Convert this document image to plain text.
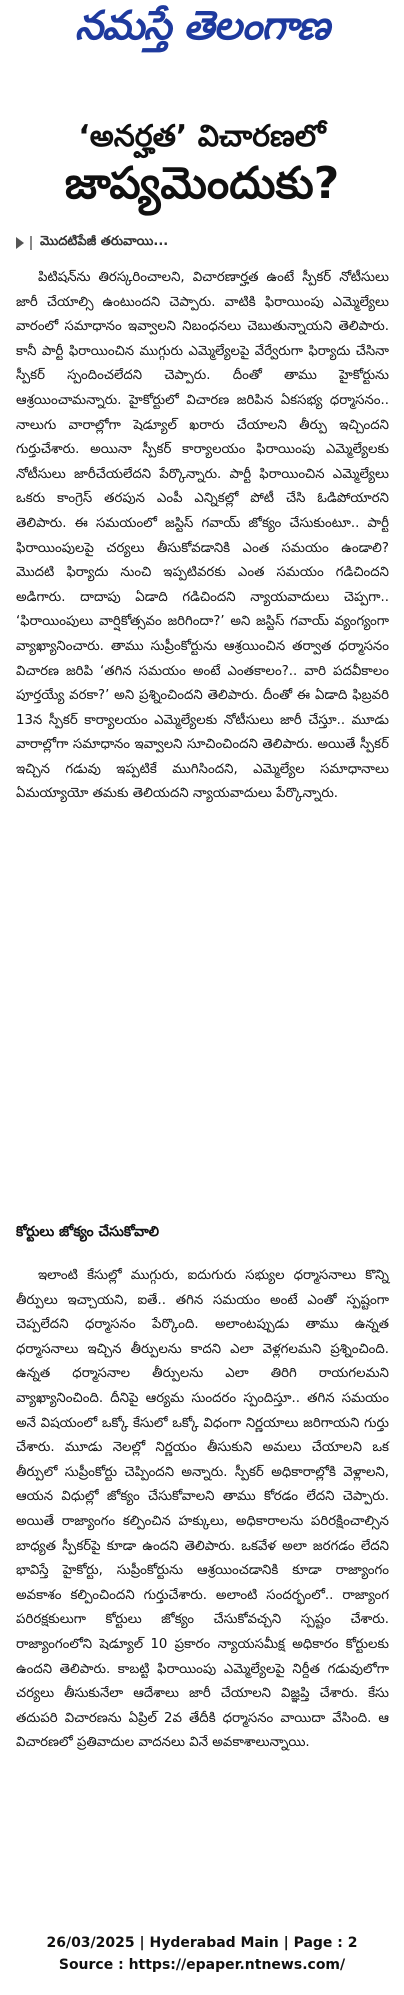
నమస్తే తెలంగాణ
‘అనర్హత’ విచారణలో
జాప్యమెందుకు?
మొదటిపేజీ తరువాయి...

పిటిషన్‌ను తిరస్కరించాలని, విచారణార్హత ఉంటే స్పీకర్ నోటీసులు జారీ చేయాల్సి ఉంటుందని చెప్పారు. వాటికి ఫిరాయింపు ఎమ్మెల్యేలు వారంలో సమాధానం ఇవ్వాలని నిబంధనలు చెబుతున్నాయని తెలిపారు. కానీ పార్టీ ఫిరాయించిన ముగ్గురు ఎమ్మెల్యేలపై వేర్వేరుగా ఫిర్యాదు చేసినా స్పీకర్ స్పందించలేదని చెప్పారు. దీంతో తాము హైకోర్టును ఆశ్రయించామన్నారు. హైకోర్టులో విచారణ జరిపిన ఏకసభ్య ధర్మాసనం.. నాలుగు వారాల్లోగా షెడ్యూల్ ఖరారు చేయాలని తీర్పు ఇచ్చిందని గుర్తుచేశారు. అయినా స్పీకర్ కార్యాలయం ఫిరాయింపు ఎమ్మెల్యేలకు నోటీసులు జారీచేయలేదని పేర్కొన్నారు. పార్టీ ఫిరాయించిన ఎమ్మెల్యేలు ఒకరు కాంగ్రెస్ తరపున ఎంపీ ఎన్నికల్లో పోటీ చేసి ఓడిపోయారని తెలిపారు. ఈ సమయంలో జస్టిస్ గవాయ్ జోక్యం చేసుకుంటూ.. పార్టీ ఫిరాయింపులపై చర్యలు తీసుకోవడానికి ఎంత సమయం ఉండాలి? మొదటి ఫిర్యాదు నుంచి ఇప్పటివరకు ఎంత సమయం గడిచిందని అడిగారు. దాదాపు ఏడాది గడిచిందని న్యాయవాదులు చెప్పగా.. ‘ఫిరాయింపులు వార్షికోత్సవం జరిగిందా?’ అని జస్టిస్ గవాయ్ వ్యంగ్యంగా వ్యాఖ్యానించారు. తాము సుప్రీంకోర్టును ఆశ్రయించిన తర్వాత ధర్మాసనం విచారణ జరిపి ‘తగిన సమయం అంటే ఎంతకాలం?.. వారి పదవీకాలం పూర్తయ్యే వరకా?’ అని ప్రశ్నించిందని తెలిపారు. దీంతో ఈ ఏడాది ఫిబ్రవరి 13న స్పీకర్ కార్యాలయం ఎమ్మెల్యేలకు నోటీసులు జారీ చేస్తూ.. మూడు వారాల్లోగా సమాధానం ఇవ్వాలని సూచించిందని తెలిపారు. అయితే స్పీకర్ ఇచ్చిన గడువు ఇప్పటికే ముగిసిందని, ఎమ్మెల్యేల సమాధానాలు ఏమయ్యాయో తమకు తెలియదని న్యాయవాదులు పేర్కొన్నారు.

కోర్టులు జోక్యం చేసుకోవాలి

ఇలాంటి కేసుల్లో ముగ్గురు, ఐదుగురు సభ్యుల ధర్మాసనాలు కొన్ని తీర్పులు ఇచ్చాయని, ఐతే.. తగిన సమయం అంటే ఎంతో స్పష్టంగా చెప్పలేదని ధర్మాసనం పేర్కొంది. అలాంటప్పుడు తాము ఉన్నత ధర్మాసనాలు ఇచ్చిన తీర్పులను కాదని ఎలా వెళ్లగలమని ప్రశ్నించింది. ఉన్నత ధర్మాసనాల తీర్పులను ఎలా తిరిగి రాయగలమని వ్యాఖ్యానించింది. దీనిపై ఆర్యమ సుందరం స్పందిస్తూ.. తగిన సమయం అనే విషయంలో ఒక్కో కేసులో ఒక్కో విధంగా నిర్ణయాలు జరిగాయని గుర్తు చేశారు. మూడు నెలల్లో నిర్ణయం తీసుకుని అమలు చేయాలని ఒక తీర్పులో సుప్రీంకోర్టు చెప్పిందని అన్నారు. స్పీకర్ అధికారాల్లోకి వెళ్లాలని, ఆయన విధుల్లో జోక్యం చేసుకోవాలని తాము కోరడం లేదని చెప్పారు. అయితే రాజ్యాంగం కల్పించిన హక్కులు, అధికారాలను పరిరక్షించాల్సిన బాధ్యత స్పీకర్‌పై కూడా ఉందని తెలిపారు. ఒకవేళ అలా జరగడం లేదని భావిస్తే హైకోర్టు, సుప్రీంకోర్టును ఆశ్రయించడానికి కూడా రాజ్యాంగం అవకాశం కల్పించిందని గుర్తుచేశారు. అలాంటి సందర్భంలో.. రాజ్యాంగ పరిరక్షకులుగా కోర్టులు జోక్యం చేసుకోవచ్చని స్పష్టం చేశారు. రాజ్యాంగంలోని షెడ్యూల్ 10 ప్రకారం న్యాయసమీక్ష అధికారం కోర్టులకు ఉందని తెలిపారు. కాబట్టి ఫిరాయింపు ఎమ్మెల్యేలపై నిర్దీత గడువులోగా చర్యలు తీసుకునేలా ఆదేశాలు జారీ చేయాలని విజ్ఞప్తి చేశారు. కేసు తదుపరి విచారణను ఏప్రిల్ 2వ తేదీకి ధర్మాసనం వాయిదా వేసింది. ఆ విచారణలో ప్రతివాదుల వాదనలు వినే అవకాశాలున్నాయి.

26/03/2025 | Hyderabad Main | Page : 2
Source : https://epaper.ntnews.com/
